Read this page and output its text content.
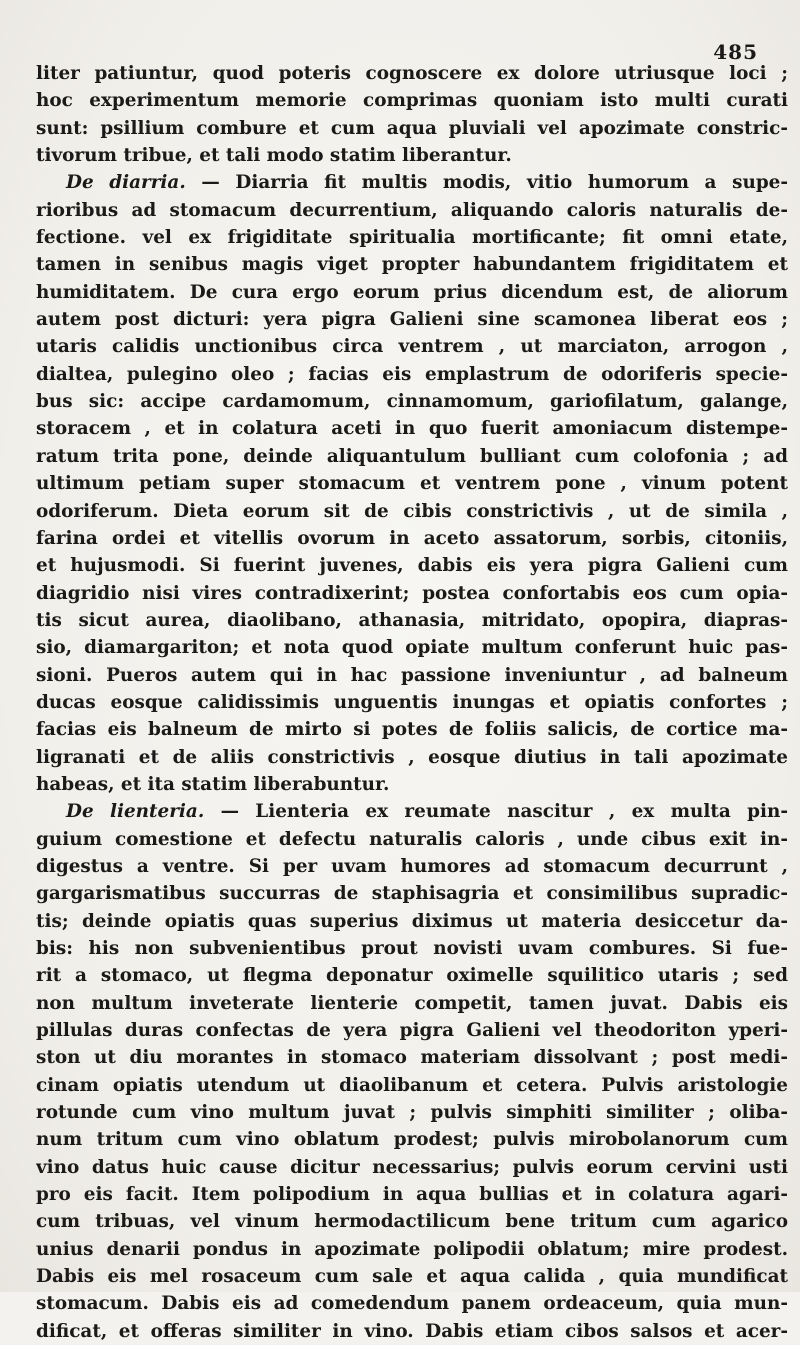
485
liter patiuntur, quod poteris cognoscere ex dolore utriusque loci ;
hoc experimentum memorie comprimas quoniam isto multi curati
sunt: psillium combure et cum aqua pluviali vel apozimate constric-
tivorum tribue, et tali modo statim liberantur.
De diarria. — Diarria fit multis modis, vitio humorum a supe-
rioribus ad stomacum decurrentium, aliquando caloris naturalis de-
fectione. vel ex frigiditate spiritualia mortificante; fit omni etate,
tamen in senibus magis viget propter habundantem frigiditatem et
humiditatem. De cura ergo eorum prius dicendum est, de aliorum
autem post dicturi: yera pigra Galieni sine scamonea liberat eos ;
utaris calidis unctionibus circa ventrem , ut marciaton, arrogon ,
dialtea, pulegino oleo ; facias eis emplastrum de odoriferis specie-
bus sic: accipe cardamomum, cinnamomum, gariofilatum, galange,
storacem , et in colatura aceti in quo fuerit amoniacum distempe-
ratum trita pone, deinde aliquantulum bulliant cum colofonia ; ad
ultimum petiam super stomacum et ventrem pone , vinum potent
odoriferum. Dieta eorum sit de cibis constrictivis , ut de simila ,
farina ordei et vitellis ovorum in aceto assatorum, sorbis, citoniis,
et hujusmodi. Si fuerint juvenes, dabis eis yera pigra Galieni cum
diagridio nisi vires contradixerint; postea confortabis eos cum opia-
tis sicut aurea, diaolibano, athanasia, mitridato, opopira, diapras-
sio, diamargariton; et nota quod opiate multum conferunt huic pas-
sioni. Pueros autem qui in hac passione inveniuntur , ad balneum
ducas eosque calidissimis unguentis inungas et opiatis confortes ;
facias eis balneum de mirto si potes de foliis salicis, de cortice ma-
ligranati et de aliis constrictivis , eosque diutius in tali apozimate
habeas, et ita statim liberabuntur.
De lienteria. — Lienteria ex reumate nascitur , ex multa pin-
guium comestione et defectu naturalis caloris , unde cibus exit in-
digestus a ventre. Si per uvam humores ad stomacum decurrunt ,
gargarismatibus succurras de staphisagria et consimilibus supradic-
tis; deinde opiatis quas superius diximus ut materia desiccetur da-
bis: his non subvenientibus prout novisti uvam combures. Si fue-
rit a stomaco, ut flegma deponatur oximelle squilitico utaris ; sed
non multum inveterate lienterie competit, tamen juvat. Dabis eis
pillulas duras confectas de yera pigra Galieni vel theodoriton yperi-
ston ut diu morantes in stomaco materiam dissolvant ; post medi-
cinam opiatis utendum ut diaolibanum et cetera. Pulvis aristologie
rotunde cum vino multum juvat ; pulvis simphiti similiter ; oliba-
num tritum cum vino oblatum prodest; pulvis mirobolanorum cum
vino datus huic cause dicitur necessarius; pulvis eorum cervini usti
pro eis facit. Item polipodium in aqua bullias et in colatura agari-
cum tribuas, vel vinum hermodactilicum bene tritum cum agarico
unius denarii pondus in apozimate polipodii oblatum; mire prodest.
Dabis eis mel rosaceum cum sale et aqua calida , quia mundificat
stomacum. Dabis eis ad comedendum panem ordeaceum, quia mun-
dificat, et offeras similiter in vino. Dabis etiam cibos salsos et acer-
